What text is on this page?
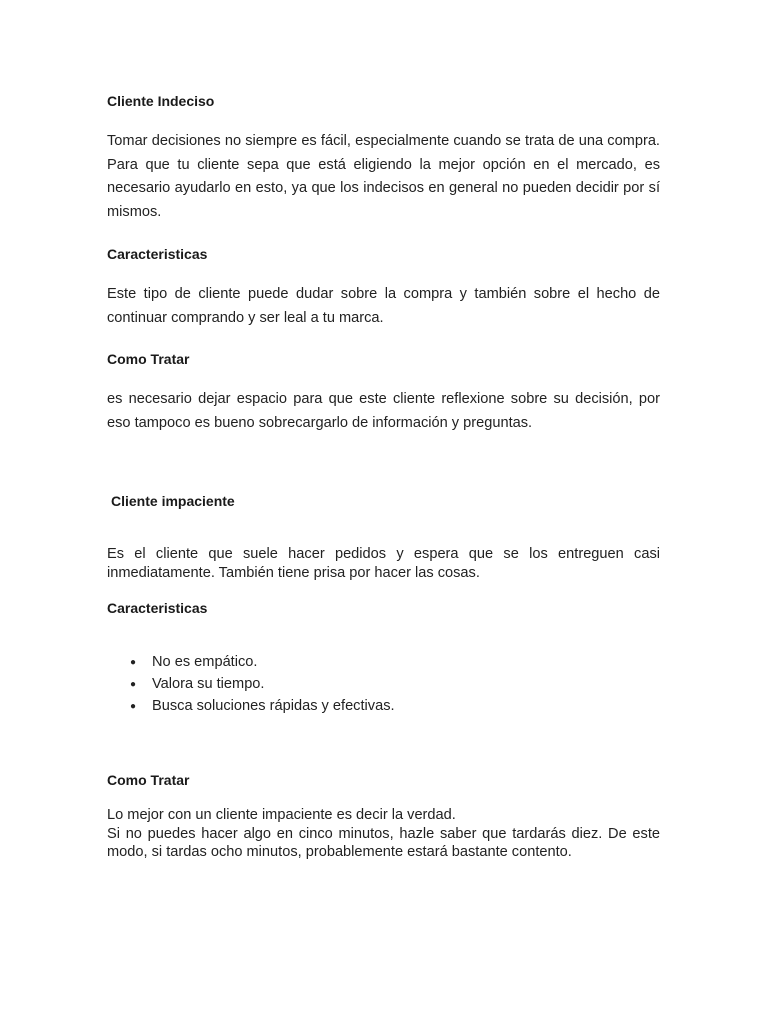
Cliente Indeciso

Tomar decisiones no siempre es fácil, especialmente cuando se trata de una compra. Para que tu cliente sepa que está eligiendo la mejor opción en el mercado, es necesario ayudarlo en esto, ya que los indecisos en general no pueden decidir por sí mismos.

Caracteristicas

Este tipo de cliente puede dudar sobre la compra y también sobre el hecho de continuar comprando y ser leal a tu marca.

Como Tratar

es necesario dejar espacio para que este cliente reflexione sobre su decisión, por eso tampoco es bueno sobrecargarlo de información y preguntas.

Cliente impaciente

Es el cliente que suele hacer pedidos y espera que se los entreguen casi inmediatamente. También tiene prisa por hacer las cosas.

Caracteristicas
● No es empático.
● Valora su tiempo.
● Busca soluciones rápidas y efectivas.
Como Tratar
Lo mejor con un cliente impaciente es decir la verdad.
Si no puedes hacer algo en cinco minutos, hazle saber que tardarás diez. De este modo, si tardas ocho minutos, probablemente estará bastante contento.
